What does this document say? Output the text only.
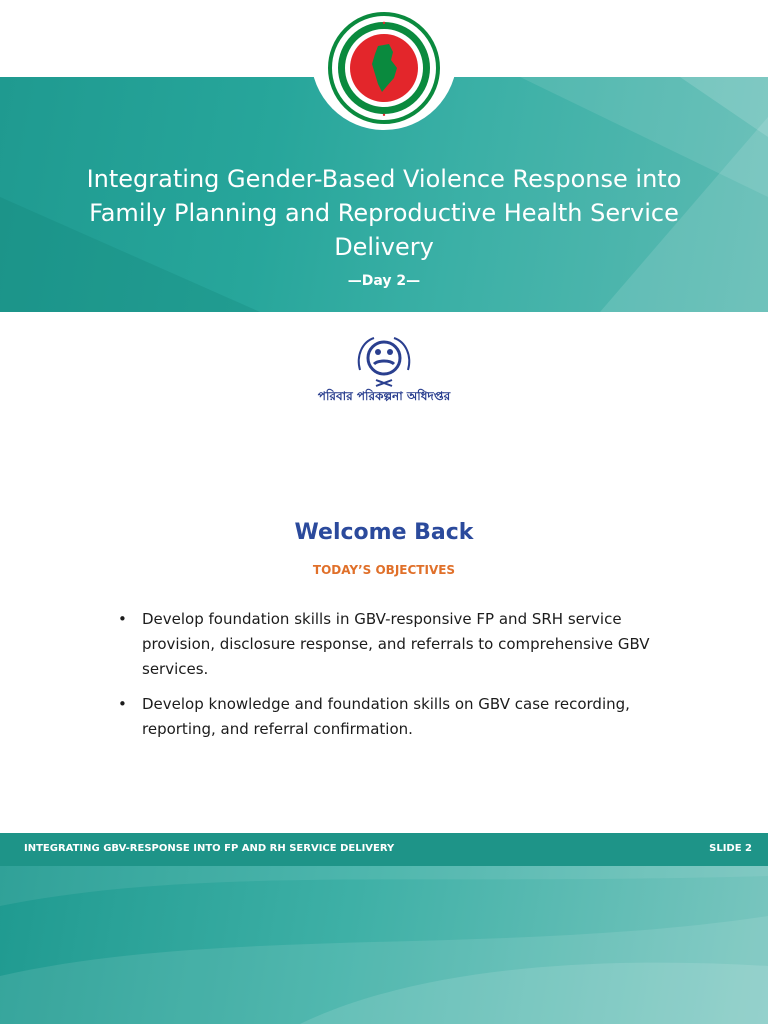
•
•
Integrating Gender-Based Violence Response into Family Planning and Reproductive Health Service Delivery
—Day 2—
পরিবার পরিকল্পনা অধিদপ্তর
Welcome Back
TODAY’S OBJECTIVES
• Develop foundation skills in GBV-responsive FP and SRH service provision, disclosure response, and referrals to comprehensive GBV services.
• Develop knowledge and foundation skills on GBV case recording, reporting, and referral confirmation.
INTEGRATING GBV-RESPONSE INTO FP AND RH SERVICE DELIVERY	SLIDE 2
